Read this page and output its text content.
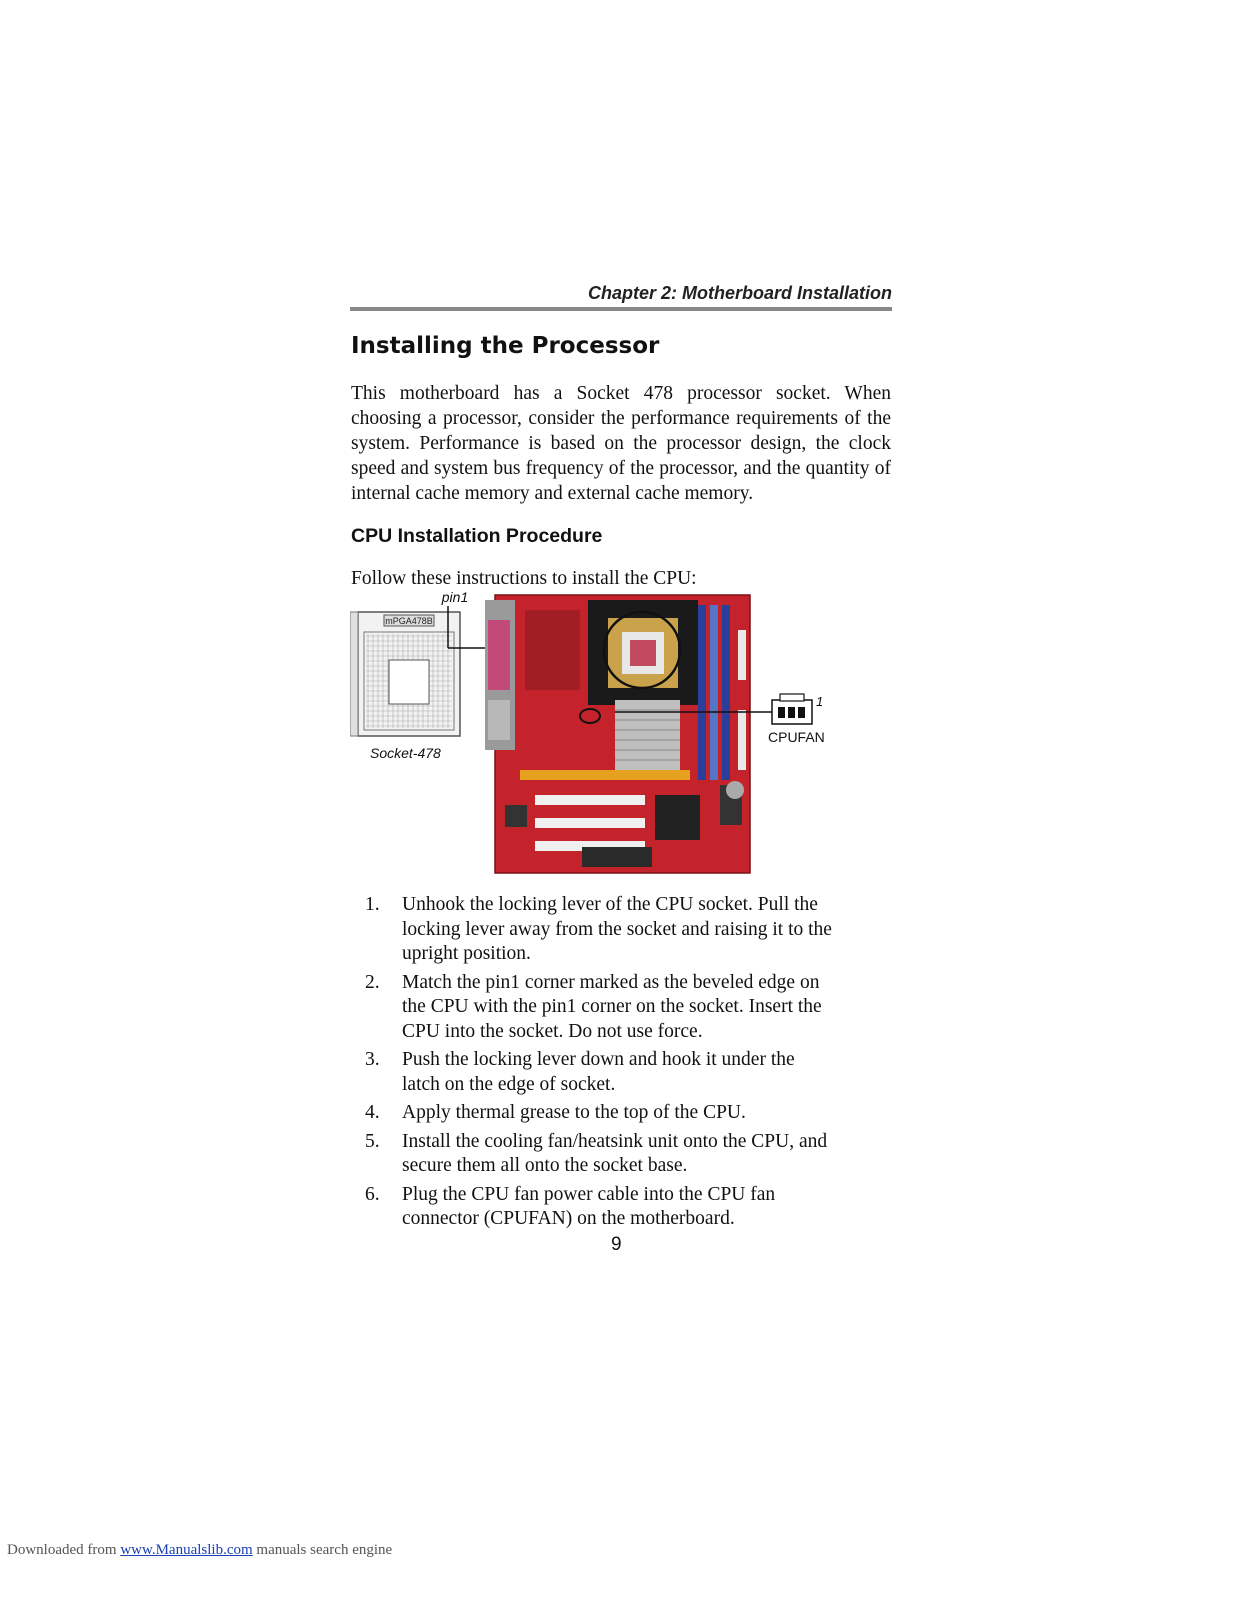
Chapter 2: Motherboard Installation
Installing the Processor
This motherboard has a Socket 478 processor socket. When choosing a processor, consider the performance requirements of the system. Performance is based on the processor design, the clock speed and system bus frequency of the processor, and the quantity of internal cache memory and external cache memory.
CPU Installation Procedure
Follow these instructions to install the CPU:
mPGA478B
pin1
Socket-478
1
CPUFAN
1.	Unhook the locking lever of the CPU socket. Pull the locking lever away from the socket and raising it to the upright position.
2.	Match the pin1 corner marked as the beveled edge on the CPU with the pin1 corner on the socket. Insert the CPU into the socket. Do not use force.
3.	Push the locking lever down and hook it under the latch on the edge of socket.
4.	Apply thermal grease to the top of the CPU.
5.	Install the cooling fan/heatsink unit onto the CPU, and secure them all onto the socket base.
6.	Plug the CPU fan power cable into the CPU fan connector (CPUFAN) on the motherboard.
9
Downloaded from www.Manualslib.com manuals search engine
